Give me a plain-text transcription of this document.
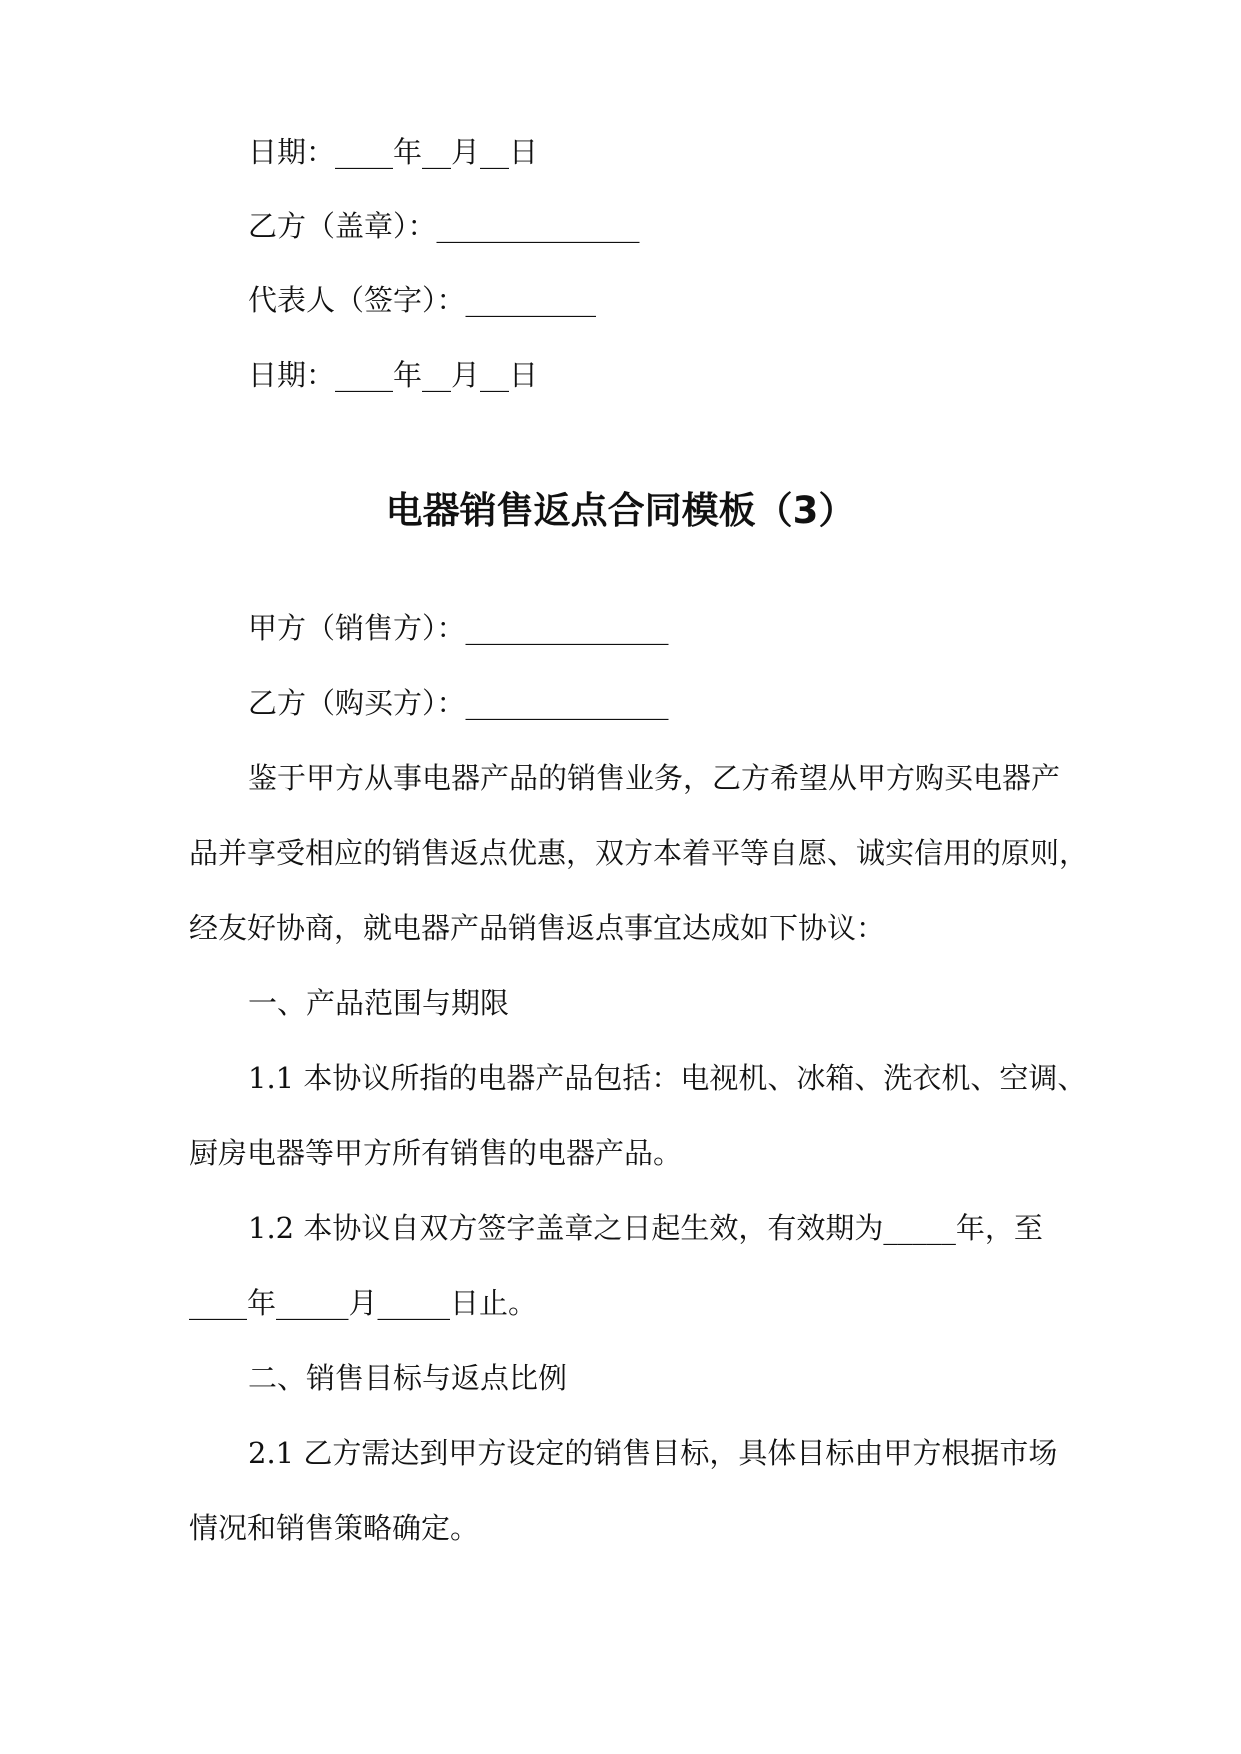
日期：____年__月__日
乙方（盖章）：______________
代表人（签字）：_________
日期：____年__月__日
电器销售返点合同模板（3）
甲方（销售方）：______________
乙方（购买方）：______________
鉴于甲方从事电器产品的销售业务，乙方希望从甲方购买电器产
品并享受相应的销售返点优惠，双方本着平等自愿、诚实信用的原则，
经友好协商，就电器产品销售返点事宜达成如下协议：
一、产品范围与期限
1.1 本协议所指的电器产品包括：电视机、冰箱、洗衣机、空调、
厨房电器等甲方所有销售的电器产品。
1.2 本协议自双方签字盖章之日起生效，有效期为_____年，至
____年_____月_____日止。
二、销售目标与返点比例
2.1 乙方需达到甲方设定的销售目标，具体目标由甲方根据市场
情况和销售策略确定。
